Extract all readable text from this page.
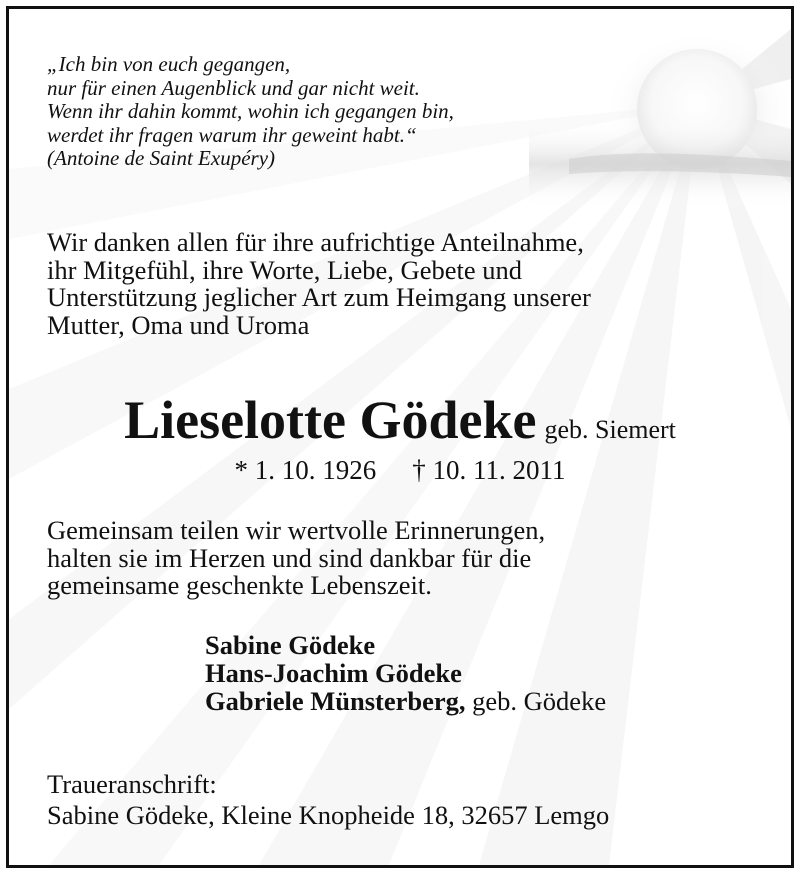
„Ich bin von euch gegangen,
nur für einen Augenblick und gar nicht weit.
Wenn ihr dahin kommt, wohin ich gegangen bin,
werdet ihr fragen warum ihr geweint habt.“
(Antoine de Saint Exupéry)
Wir danken allen für ihre aufrichtige Anteilnahme,
ihr Mitgefühl, ihre Worte, Liebe, Gebete und
Unterstützung jeglicher Art zum Heimgang unserer
Mutter, Oma und Uroma
Lieselotte Gödeke geb. Siemert
* 1. 10. 1926 † 10. 11. 2011
Gemeinsam teilen wir wertvolle Erinnerungen,
halten sie im Herzen und sind dankbar für die
gemeinsame geschenkte Lebenszeit.
Sabine Gödeke
Hans-Joachim Gödeke
Gabriele Münsterberg, geb. Gödeke
Traueranschrift:
Sabine Gödeke, Kleine Knopheide 18, 32657 Lemgo
